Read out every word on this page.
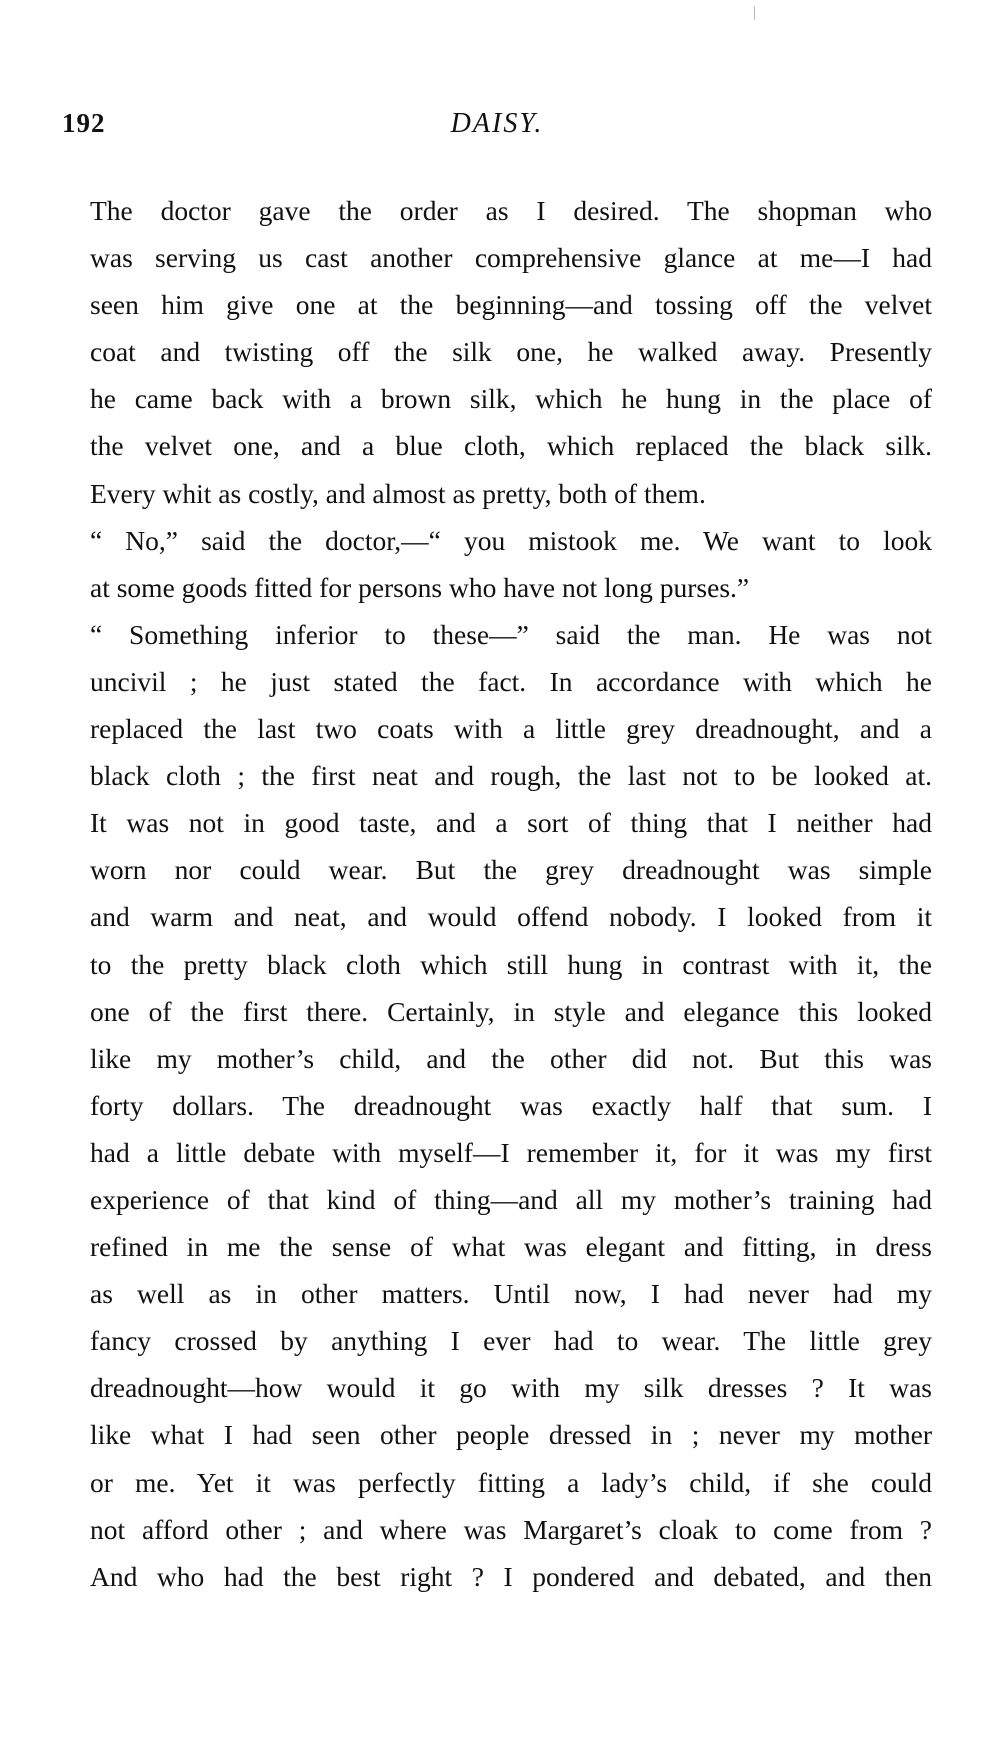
192	DAISY.

The doctor gave the order as I desired. The shopman who
was serving us cast another comprehensive glance at me—I had
seen him give one at the beginning—and tossing off the velvet
coat and twisting off the silk one, he walked away. Presently
he came back with a brown silk, which he hung in the place of
the velvet one, and a blue cloth, which replaced the black silk.
Every whit as costly, and almost as pretty, both of them.

“ No,” said the doctor,—“ you mistook me. We want to look
at some goods fitted for persons who have not long purses.”

“ Something inferior to these—” said the man. He was not
uncivil ; he just stated the fact. In accordance with which he
replaced the last two coats with a little grey dreadnought, and a
black cloth ; the first neat and rough, the last not to be looked at.
It was not in good taste, and a sort of thing that I neither had
worn nor could wear. But the grey dreadnought was simple
and warm and neat, and would offend nobody. I looked from it
to the pretty black cloth which still hung in contrast with it, the
one of the first there. Certainly, in style and elegance this looked
like my mother’s child, and the other did not. But this was
forty dollars. The dreadnought was exactly half that sum. I
had a little debate with myself—I remember it, for it was my first
experience of that kind of thing—and all my mother’s training had
refined in me the sense of what was elegant and fitting, in dress
as well as in other matters. Until now, I had never had my
fancy crossed by anything I ever had to wear. The little grey
dreadnought—how would it go with my silk dresses ? It was
like what I had seen other people dressed in ; never my mother
or me. Yet it was perfectly fitting a lady’s child, if she could
not afford other ; and where was Margaret’s cloak to come from ?
And who had the best right ? I pondered and debated, and then
